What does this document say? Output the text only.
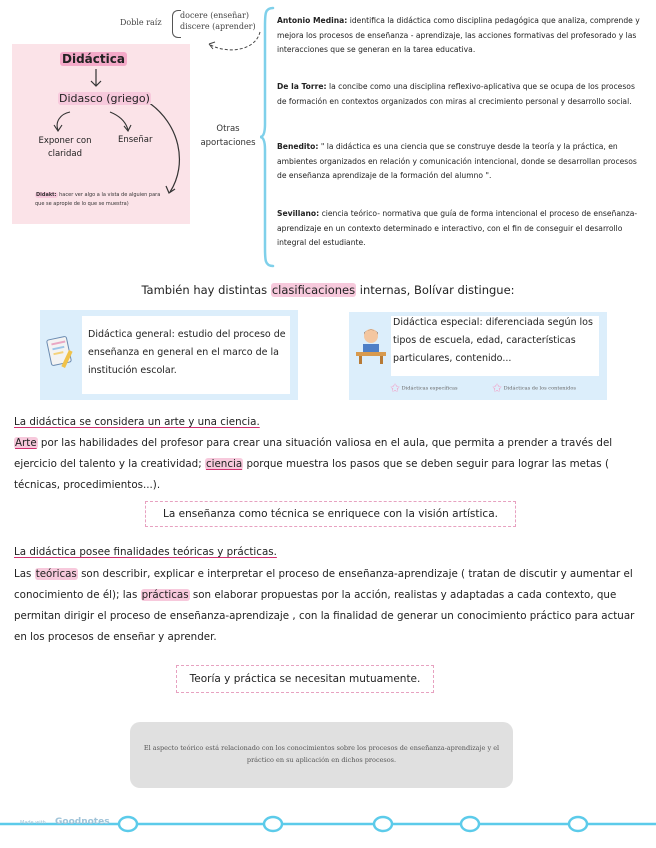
Doble raíz
docere (enseñar)
discere (aprender)
Didáctica
Didasco (griego)
Exponer con claridad
Enseñar
Didakt: hacer ver algo a la vista de alguien para que se apropie de lo que se muestra)
Otras aportaciones
Antonio Medina: identifica la didáctica como disciplina pedagógica que analiza, comprende y mejora los procesos de enseñanza - aprendizaje, las acciones formativas del profesorado y las interacciones que se generan en la tarea educativa.
De la Torre: la concibe como una disciplina reflexivo-aplicativa que se ocupa de los procesos de formación en contextos organizados con miras al crecimiento personal y desarrollo social.
Benedito: " la didáctica es una ciencia que se construye desde la teoría y la práctica, en ambientes organizados en relación y comunicación intencional, donde se desarrollan procesos de enseñanza aprendizaje de la formación del alumno ".
Sevillano: ciencia teórico- normativa que guía de forma intencional el proceso de enseñanza-aprendizaje en un contexto determinado e interactivo, con el fin de conseguir el desarrollo integral del estudiante.
También hay distintas clasificaciones internas, Bolívar distingue:
Didáctica general: estudio del proceso de enseñanza en general en el marco de la institución escolar.
Didáctica especial: diferenciada según los tipos de escuela, edad, características particulares, contenido...
✩ Didácticas específicas	✩ Didácticas de los contenidos
La didáctica se considera un arte y una ciencia.
Arte por las habilidades del profesor para crear una situación valiosa en el aula, que permita a prender a través del ejercicio del talento y la creatividad; ciencia porque muestra los pasos que se deben seguir para lograr las metas ( técnicas, procedimientos...).
La enseñanza como técnica se enriquece con la visión artística.
La didáctica posee finalidades teóricas y prácticas.
Las teóricas son describir, explicar e interpretar el proceso de enseñanza-aprendizaje ( tratan de discutir y aumentar el conocimiento de él); las prácticas son elaborar propuestas por la acción, realistas y adaptadas a cada contexto, que permitan dirigir el proceso de enseñanza-aprendizaje , con la finalidad de generar un conocimiento práctico para actuar en los procesos de enseñar y aprender.
Teoría y práctica se necesitan mutuamente.
El aspecto teórico está relacionado con los conocimientos sobre los procesos de enseñanza-aprendizaje y el práctico en su aplicación en dichos procesos.
Made with Goodnotes
